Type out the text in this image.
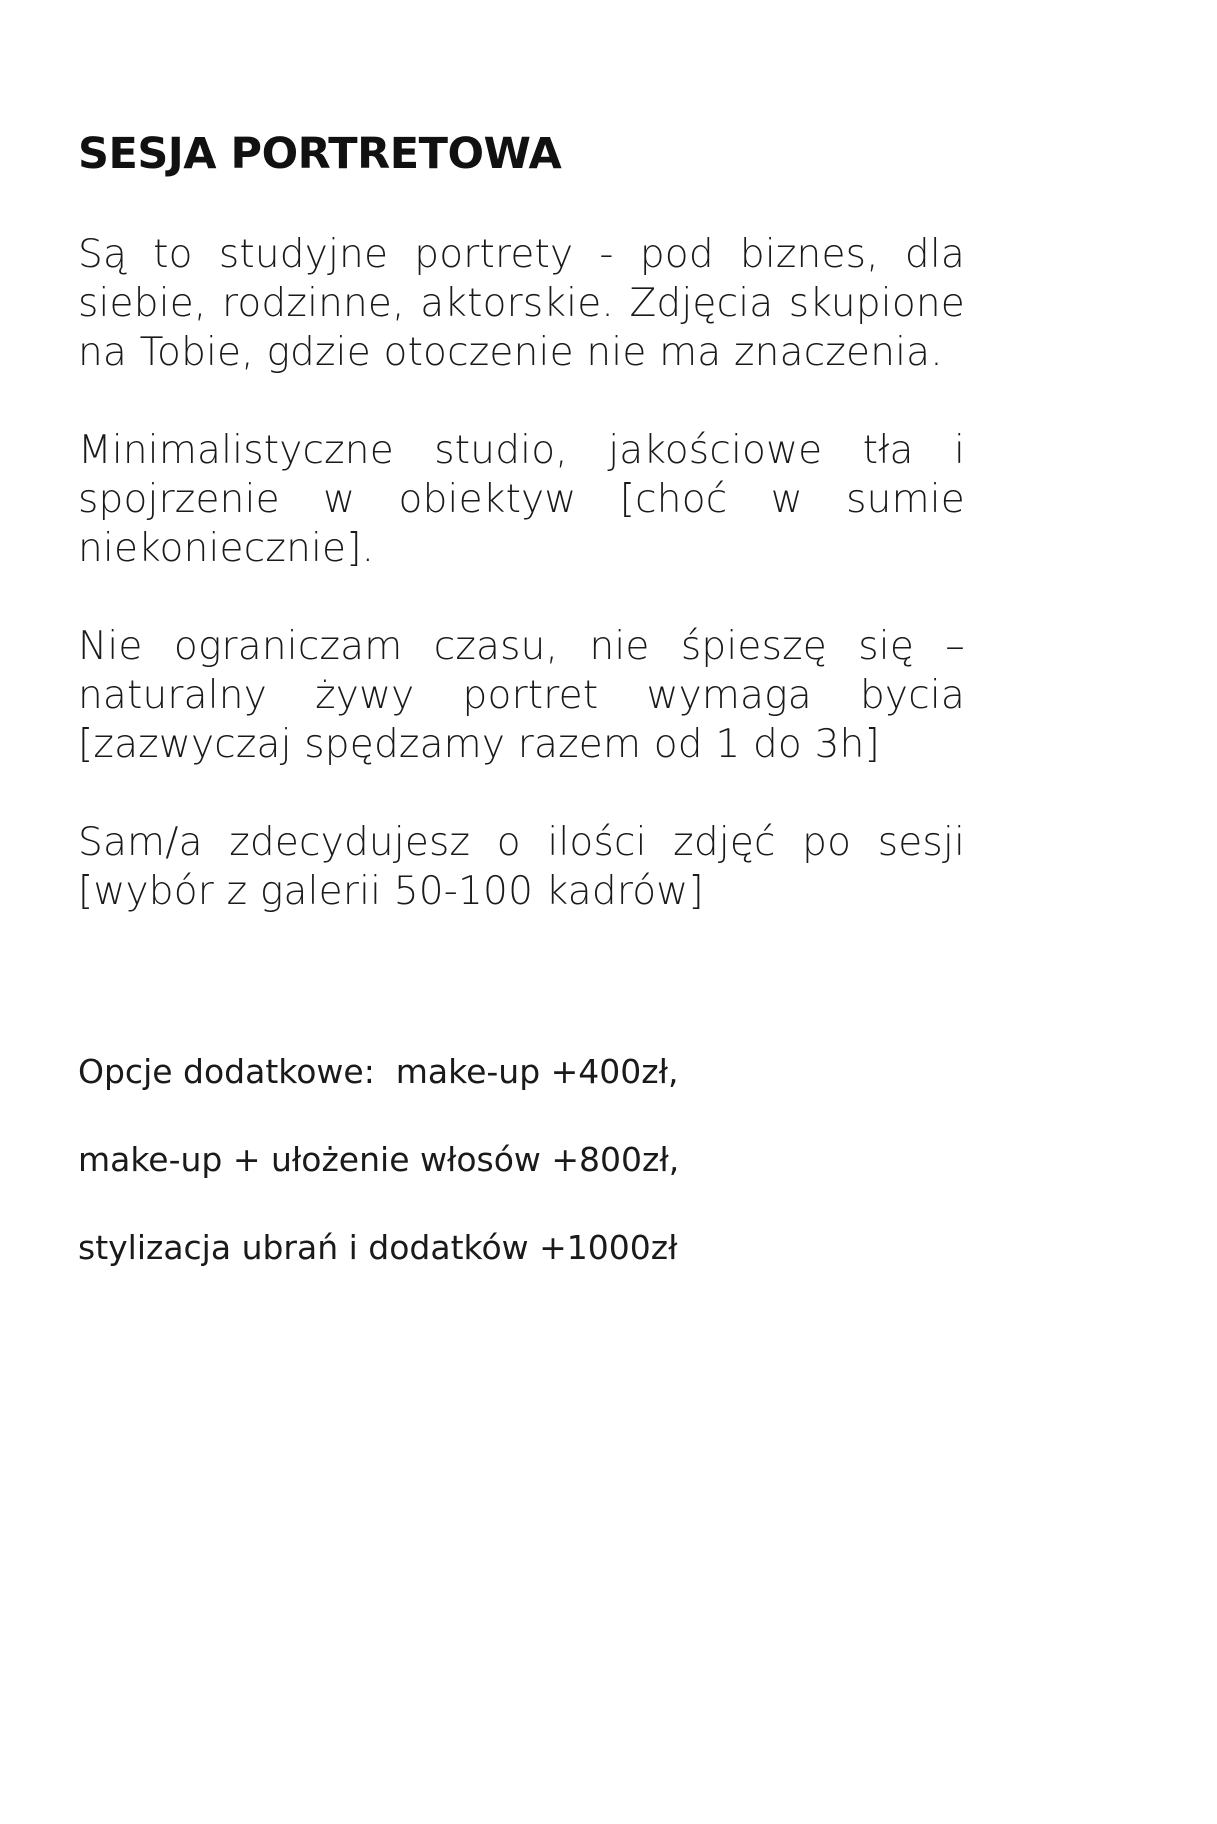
SESJA PORTRETOWA

Są to studyjne portrety - pod biznes, dla siebie, rodzinne, aktorskie. Zdjęcia skupione na Tobie, gdzie otoczenie nie ma znaczenia.

Minimalistyczne studio, jakościowe tła i spojrzenie w obiektyw [choć w sumie niekoniecznie].

Nie ograniczam czasu, nie śpieszę się – naturalny żywy portret wymaga bycia [zazwyczaj spędzamy razem od 1 do 3h]

Sam/a zdecydujesz o ilości zdjęć po sesji [wybór z galerii 50-100 kadrów]

Opcje dodatkowe:  make-up +400zł,

make-up + ułożenie włosów +800zł,

stylizacja ubrań i dodatków +1000zł
